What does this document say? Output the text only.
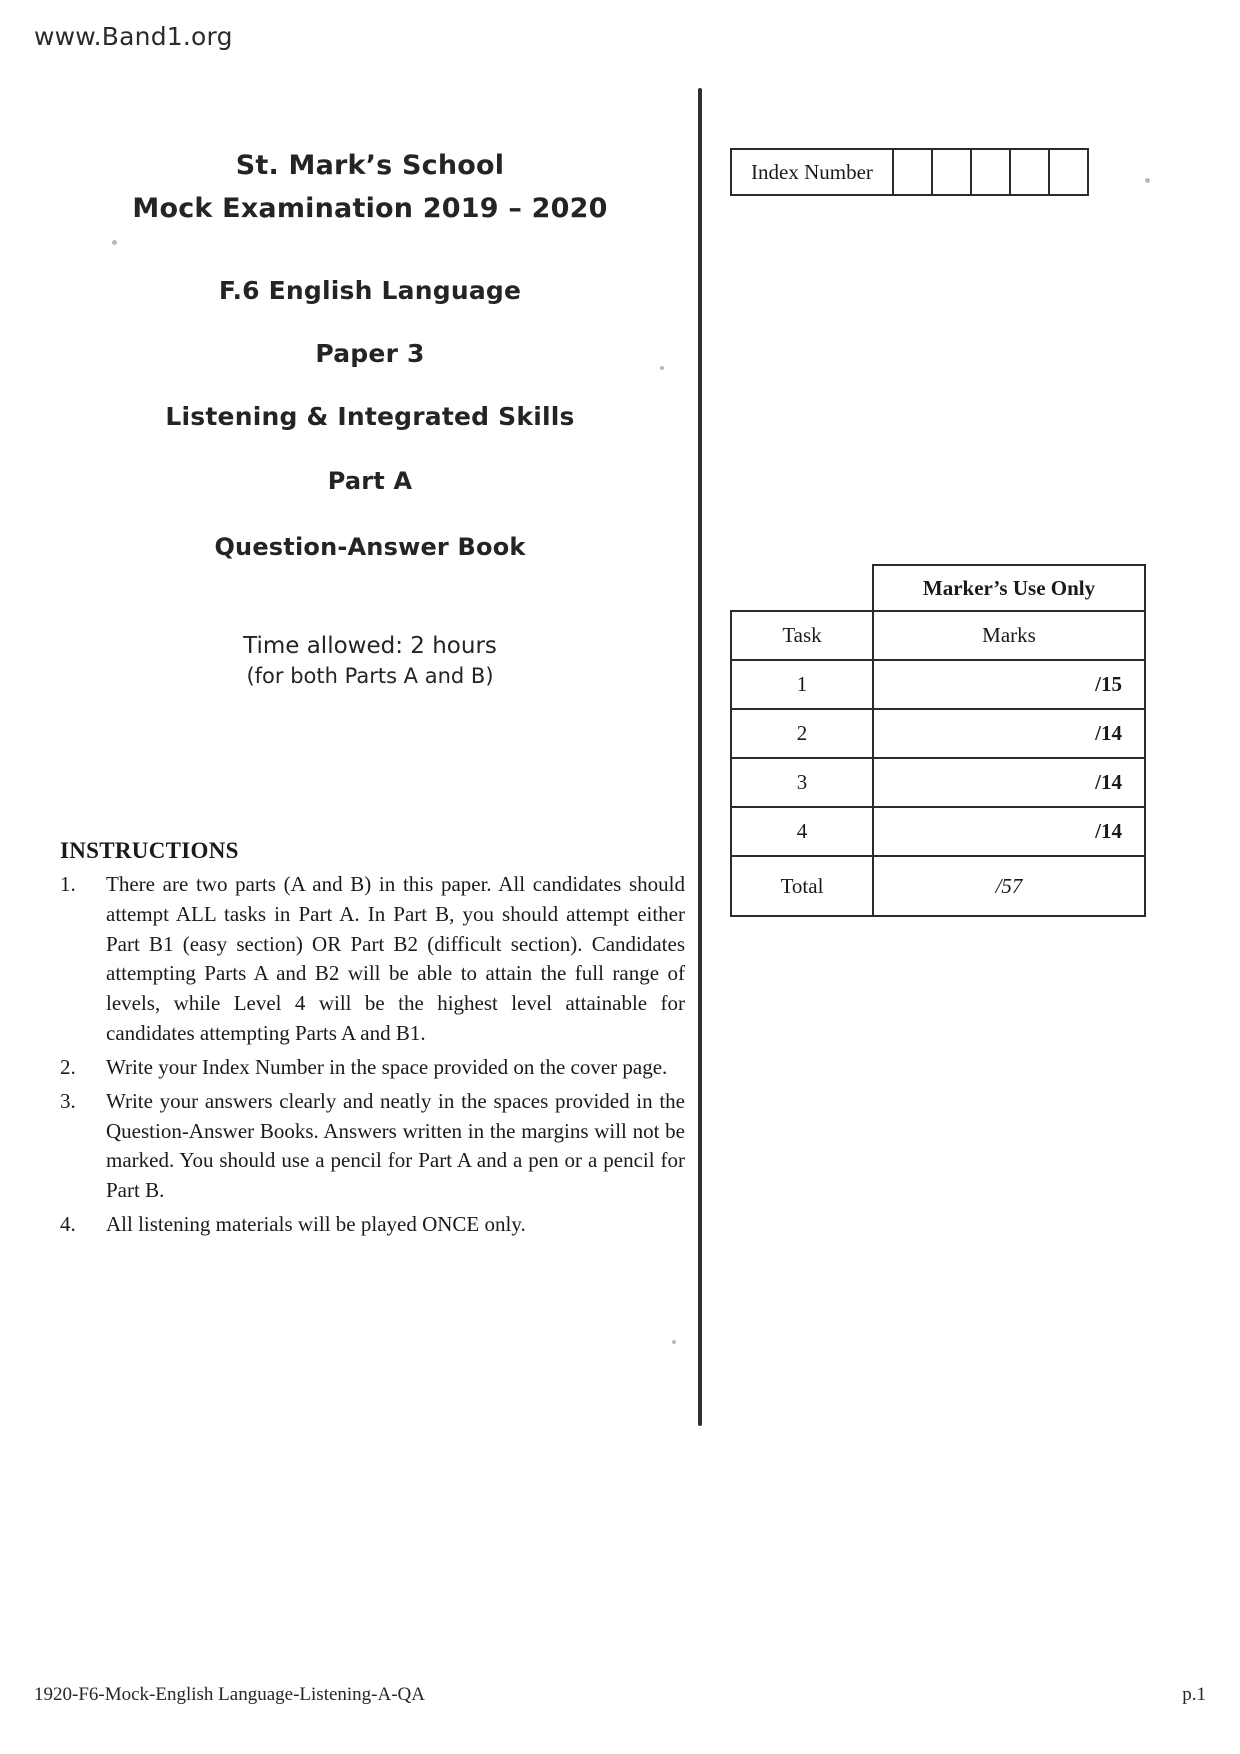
www.Band1.org
St. Mark’s School
Mock Examination 2019 – 2020
F.6 English Language
Paper 3
Listening & Integrated Skills
Part A
Question-Answer Book
Time allowed: 2 hours
(for both Parts A and B)
INSTRUCTIONS
1.	There are two parts (A and B) in this paper. All candidates should attempt ALL tasks in Part A. In Part B, you should attempt either Part B1 (easy section) OR Part B2 (difficult section). Candidates attempting Parts A and B2 will be able to attain the full range of levels, while Level 4 will be the highest level attainable for candidates attempting Parts A and B1.
2.	Write your Index Number in the space provided on the cover page.
3.	Write your answers clearly and neatly in the spaces provided in the Question-Answer Books. Answers written in the margins will not be marked. You should use a pencil for Part A and a pen or a pencil for Part B.
4.	All listening materials will be played ONCE only.
Index Number
	Marker’s Use Only
Task	Marks
1	/15
2	/14
3	/14
4	/14
Total	/57
1920-F6-Mock-English Language-Listening-A-QA	p.1
